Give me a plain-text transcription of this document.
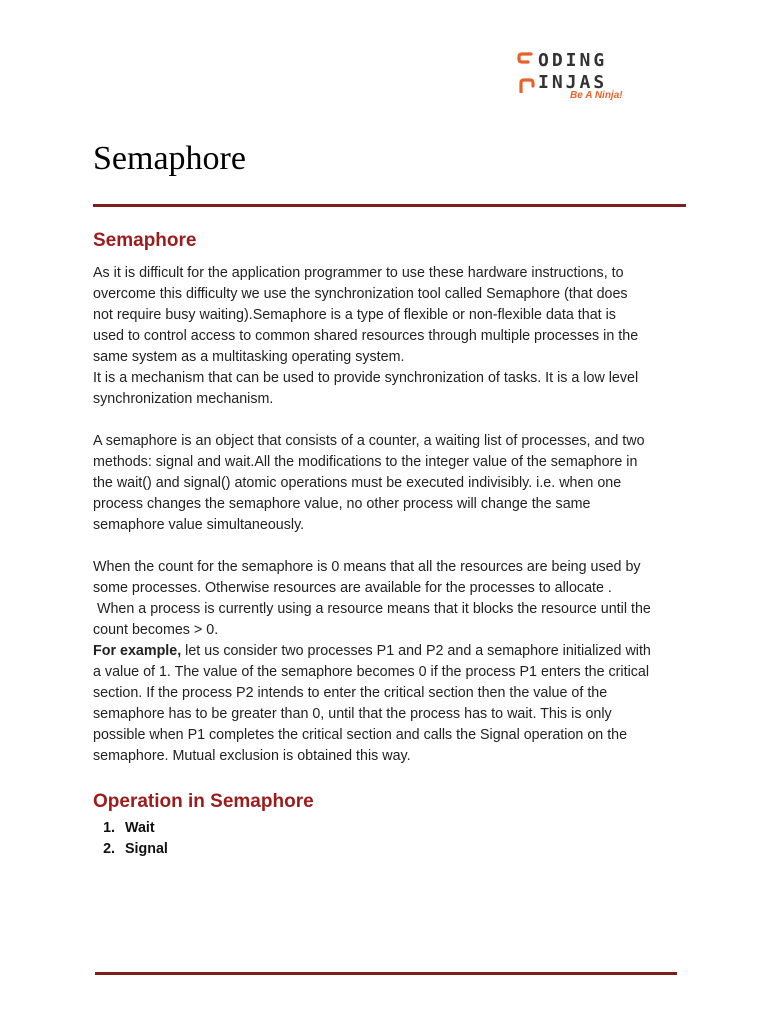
ODING
INJAS
Be A Ninja!
Semaphore
Semaphore

As it is difficult for the application programmer to use these hardware instructions, to

overcome this difficulty we use the synchronization tool called Semaphore (that does

not require busy waiting).Semaphore is a type of flexible or non-flexible data that is

used to control access to common shared resources through multiple processes in the

same system as a multitasking operating system.

It is a mechanism that can be used to provide synchronization of tasks. It is a low level

synchronization mechanism.

A semaphore is an object that consists of a counter, a waiting list of processes, and two

methods: signal and wait.All the modifications to the integer value of the semaphore in

the wait() and signal() atomic operations must be executed indivisibly. i.e. when one

process changes the semaphore value, no other process will change the same

semaphore value simultaneously.

When the count for the semaphore is 0 means that all the resources are being used by

some processes. Otherwise resources are available for the processes to allocate .

When a process is currently using a resource means that it blocks the resource until the

count becomes > 0.

For example, let us consider two processes P1 and P2 and a semaphore initialized with

a value of 1. The value of the semaphore becomes 0 if the process P1 enters the critical

section. If the process P2 intends to enter the critical section then the value of the

semaphore has to be greater than 0, until that the process has to wait. This is only

possible when P1 completes the critical section and calls the Signal operation on the

semaphore. Mutual exclusion is obtained this way.

Operation in Semaphore
1. Wait
2. Signal
